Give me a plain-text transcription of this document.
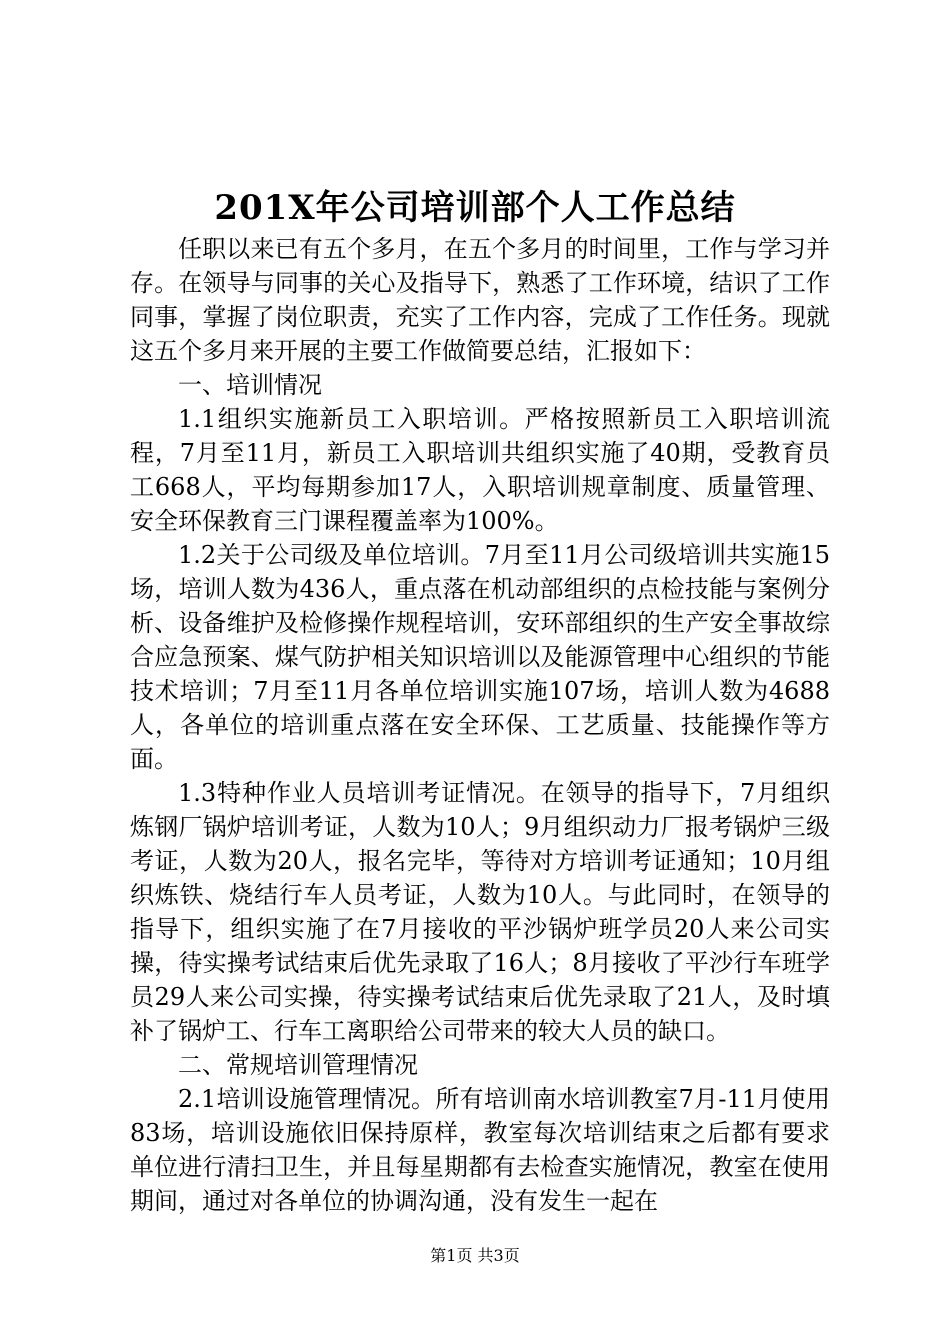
201X年公司培训部个人工作总结

任职以来已有五个多月，在五个多月的时间里，工作与学习并存。在领导与同事的关心及指导下，熟悉了工作环境，结识了工作同事，掌握了岗位职责，充实了工作内容，完成了工作任务。现就这五个多月来开展的主要工作做简要总结，汇报如下：

一、培训情况

1.1组织实施新员工入职培训。严格按照新员工入职培训流程，7月至11月，新员工入职培训共组织实施了40期，受教育员工668人，平均每期参加17人，入职培训规章制度、质量管理、安全环保教育三门课程覆盖率为100%。

1.2关于公司级及单位培训。7月至11月公司级培训共实施15场，培训人数为436人，重点落在机动部组织的点检技能与案例分析、设备维护及检修操作规程培训，安环部组织的生产安全事故综合应急预案、煤气防护相关知识培训以及能源管理中心组织的节能技术培训；7月至11月各单位培训实施107场，培训人数为4688人，各单位的培训重点落在安全环保、工艺质量、技能操作等方面。

1.3特种作业人员培训考证情况。在领导的指导下，7月组织炼钢厂锅炉培训考证，人数为10人；9月组织动力厂报考锅炉三级考证，人数为20人，报名完毕，等待对方培训考证通知；10月组织炼铁、烧结行车人员考证，人数为10人。与此同时，在领导的指导下，组织实施了在7月接收的平沙锅炉班学员20人来公司实操，待实操考试结束后优先录取了16人；8月接收了平沙行车班学员29人来公司实操，待实操考试结束后优先录取了21人，及时填补了锅炉工、行车工离职给公司带来的较大人员的缺口。

二、常规培训管理情况

2.1培训设施管理情况。所有培训南水培训教室7月-11月使用83场，培训设施依旧保持原样，教室每次培训结束之后都有要求单位进行清扫卫生，并且每星期都有去检查实施情况，教室在使用期间，通过对各单位的协调沟通，没有发生一起在

第1页 共3页
